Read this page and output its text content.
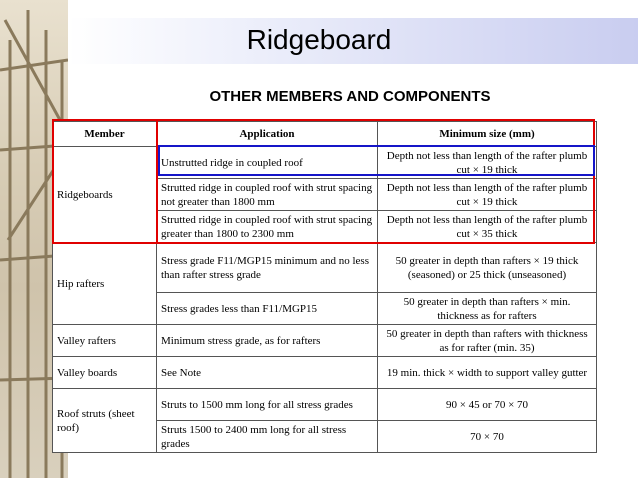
Ridgeboard
OTHER MEMBERS AND COMPONENTS
Member	Application	Minimum size (mm)
Ridgeboards	Unstrutted ridge in coupled roof	Depth not less than length of the rafter plumb cut × 19 thick
	Strutted ridge in coupled roof with strut spacing not greater than 1800 mm	Depth not less than length of the rafter plumb cut × 19 thick
	Strutted ridge in coupled roof with strut spacing greater than 1800 to 2300 mm	Depth not less than length of the rafter plumb cut × 35 thick
Hip rafters	Stress grade F11/MGP15 minimum and no less than rafter stress grade	50 greater in depth than rafters × 19 thick (seasoned) or 25 thick (unseasoned)
	Stress grades less than F11/MGP15	50 greater in depth than rafters × min. thickness as for rafters
Valley rafters	Minimum stress grade, as for rafters	50 greater in depth than rafters with thickness as for rafter (min. 35)
Valley boards	See Note	19 min. thick × width to support valley gutter
Roof struts (sheet roof)	Struts to 1500 mm long for all stress grades	90 × 45 or 70 × 70
	Struts 1500 to 2400 mm long for all stress grades	70 × 70
